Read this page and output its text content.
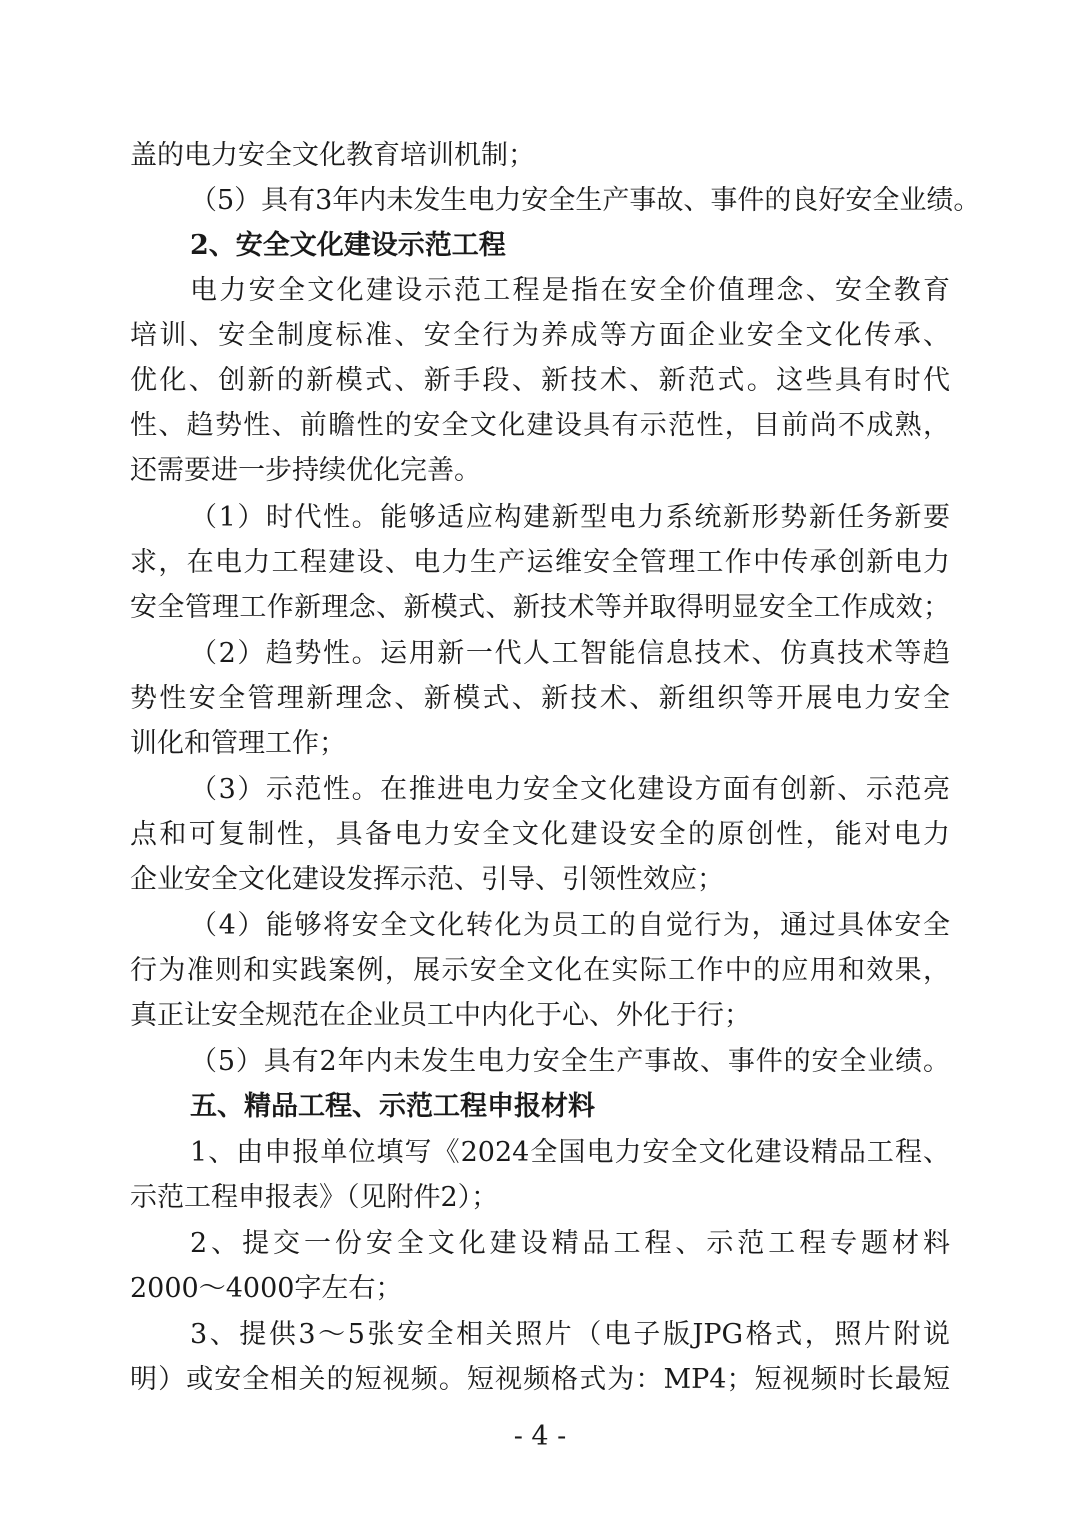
盖的电力安全文化教育培训机制；
（5）具有3年内未发生电力安全生产事故、事件的良好安全业绩。
2、安全文化建设示范工程
电力安全文化建设示范工程是指在安全价值理念、安全教育
培训、安全制度标准、安全行为养成等方面企业安全文化传承、
优化、创新的新模式、新手段、新技术、新范式。这些具有时代
性、趋势性、前瞻性的安全文化建设具有示范性，目前尚不成熟，
还需要进一步持续优化完善。
（1）时代性。能够适应构建新型电力系统新形势新任务新要
求，在电力工程建设、电力生产运维安全管理工作中传承创新电力
安全管理工作新理念、新模式、新技术等并取得明显安全工作成效；
（2）趋势性。运用新一代人工智能信息技术、仿真技术等趋
势性安全管理新理念、新模式、新技术、新组织等开展电力安全
训化和管理工作；
（3）示范性。在推进电力安全文化建设方面有创新、示范亮
点和可复制性，具备电力安全文化建设安全的原创性，能对电力
企业安全文化建设发挥示范、引导、引领性效应；
（4）能够将安全文化转化为员工的自觉行为，通过具体安全
行为准则和实践案例，展示安全文化在实际工作中的应用和效果，
真正让安全规范在企业员工中内化于心、外化于行；
（5）具有2年内未发生电力安全生产事故、事件的安全业绩。
五、精品工程、示范工程申报材料
1、由申报单位填写《2024全国电力安全文化建设精品工程、
示范工程申报表》（见附件2）；
2、提交一份安全文化建设精品工程、示范工程专题材料
2000～4000字左右；
3、提供3～5张安全相关照片（电子版JPG格式，照片附说
明）或安全相关的短视频。短视频格式为：MP4；短视频时长最短
- 4 -
